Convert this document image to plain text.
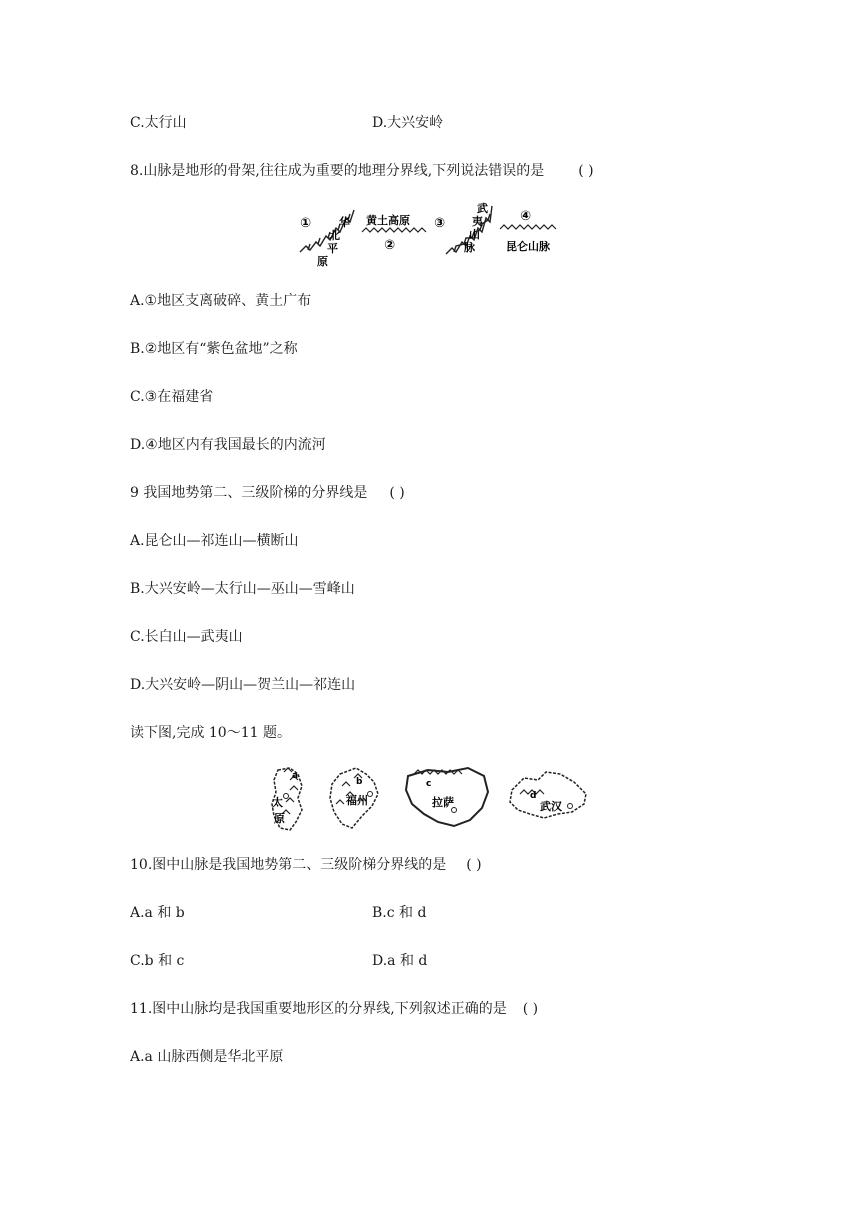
C.太行山	D.大兴安岭
8.山脉是地形的骨架,往往成为重要的地理分界线,下列说法错误的是 ( )
①	华
北
平
原
黄土高原
②
③
武
夷
山
脉
④
昆仑山脉
A.①地区支离破碎、黄土广布
B.②地区有“紫色盆地”之称
C.③在福建省
D.④地区内有我国最长的内流河
9 我国地势第二、三级阶梯的分界线是 ( )
A.昆仑山—祁连山—横断山
B.大兴安岭—太行山—巫山—雪峰山
C.长白山—武夷山
D.大兴安岭—阴山—贺兰山—祁连山
读下图,完成 10～11 题。
a
太
原
b
福州
c
拉萨	d
武汉
10.图中山脉是我国地势第二、三级阶梯分界线的是 ( )
A.a 和 b	B.c 和 d
C.b 和 c	D.a 和 d
11.图中山脉均是我国重要地形区的分界线,下列叙述正确的是 ( )
A.a 山脉西侧是华北平原
